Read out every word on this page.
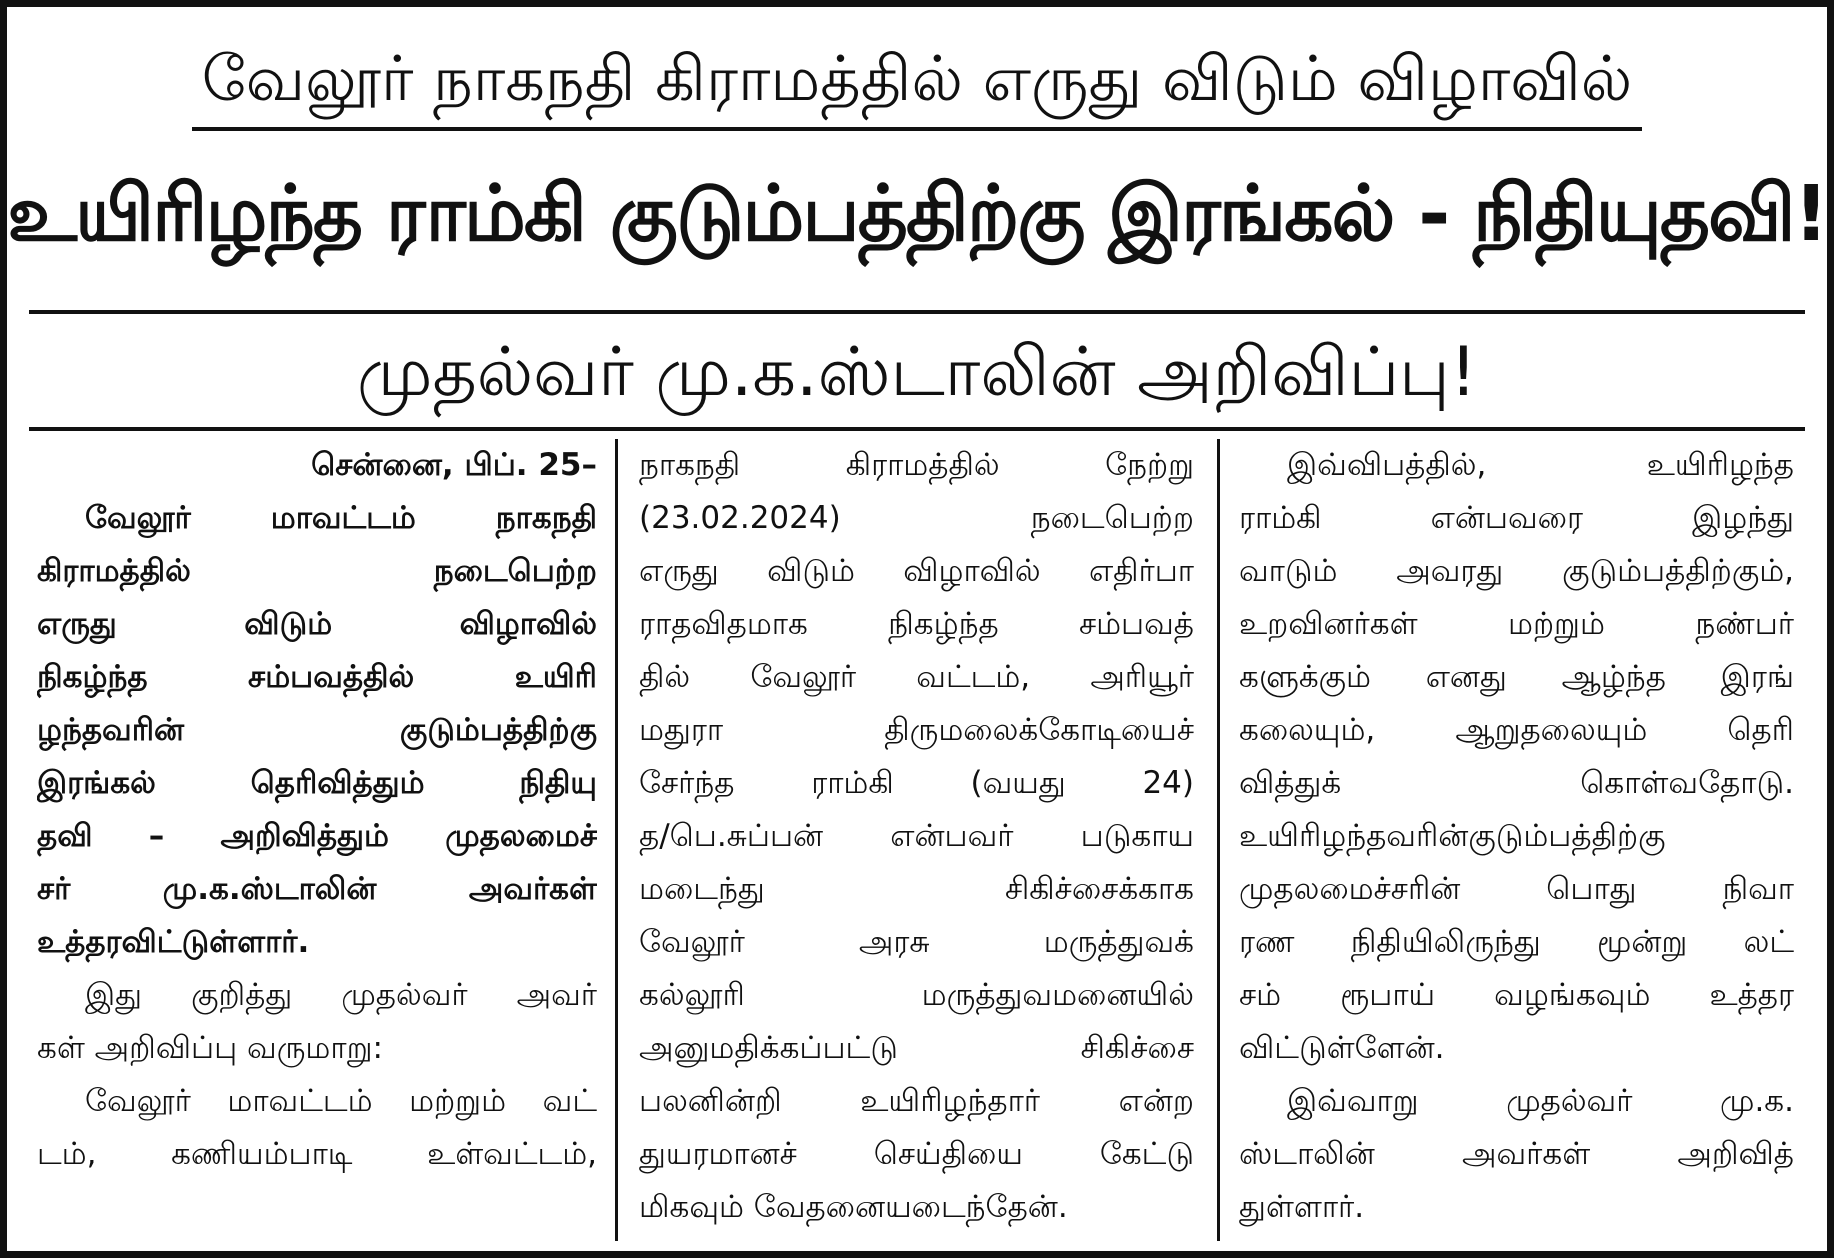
வேலூர் நாகநதி கிராமத்தில் எருது விடும் விழாவில்
உயிரிழந்த ராம்கி குடும்பத்திற்கு இரங்கல் - நிதியுதவி!
முதல்வர் மு.க.ஸ்டாலின் அறிவிப்பு!
சென்னை, பிப். 25–
வேலூர் மாவட்டம் நாகநதி
கிராமத்தில் நடைபெற்ற
எருது விடும் விழாவில்
நிகழ்ந்த சம்பவத்தில் உயிரி
ழந்தவரின் குடும்பத்திற்கு
இரங்கல் தெரிவித்தும் நிதியு
தவி – அறிவித்தும் முதலமைச்
சர் மு.க.ஸ்டாலின் அவர்கள்
உத்தரவிட்டுள்ளார்.
இது குறித்து முதல்வர் அவர்
கள் அறிவிப்பு வருமாறு:
வேலூர் மாவட்டம் மற்றும் வட்
டம், கணியம்பாடி உள்வட்டம்,
நாகநதி கிராமத்தில் நேற்று
(23.02.2024) நடைபெற்ற
எருது விடும் விழாவில் எதிர்பா
ராதவிதமாக நிகழ்ந்த சம்பவத்
தில் வேலூர் வட்டம், அரியூர்
மதுரா திருமலைக்கோடியைச்
சேர்ந்த ராம்கி (வயது 24)
த/பெ.சுப்பன் என்பவர் படுகாய
மடைந்து சிகிச்சைக்காக
வேலூர் அரசு மருத்துவக்
கல்லூரி மருத்துவமனையில்
அனுமதிக்கப்பட்டு சிகிச்சை
பலனின்றி உயிரிழந்தார் என்ற
துயரமானச் செய்தியை கேட்டு
மிகவும் வேதனையடைந்தேன்.
இவ்விபத்தில், உயிரிழந்த
ராம்கி என்பவரை இழந்து
வாடும் அவரது குடும்பத்திற்கும்,
உறவினர்கள் மற்றும் நண்பர்
களுக்கும் எனது ஆழ்ந்த இரங்
கலையும், ஆறுதலையும் தெரி
வித்துக் கொள்வதோடு.
உயிரிழந்தவரின்குடும்பத்திற்கு
முதலமைச்சரின் பொது நிவா
ரண நிதியிலிருந்து மூன்று லட்
சம் ரூபாய் வழங்கவும் உத்தர
விட்டுள்ளேன்.
இவ்வாறு முதல்வர் மு.க.
ஸ்டாலின் அவர்கள் அறிவித்
துள்ளார்.
